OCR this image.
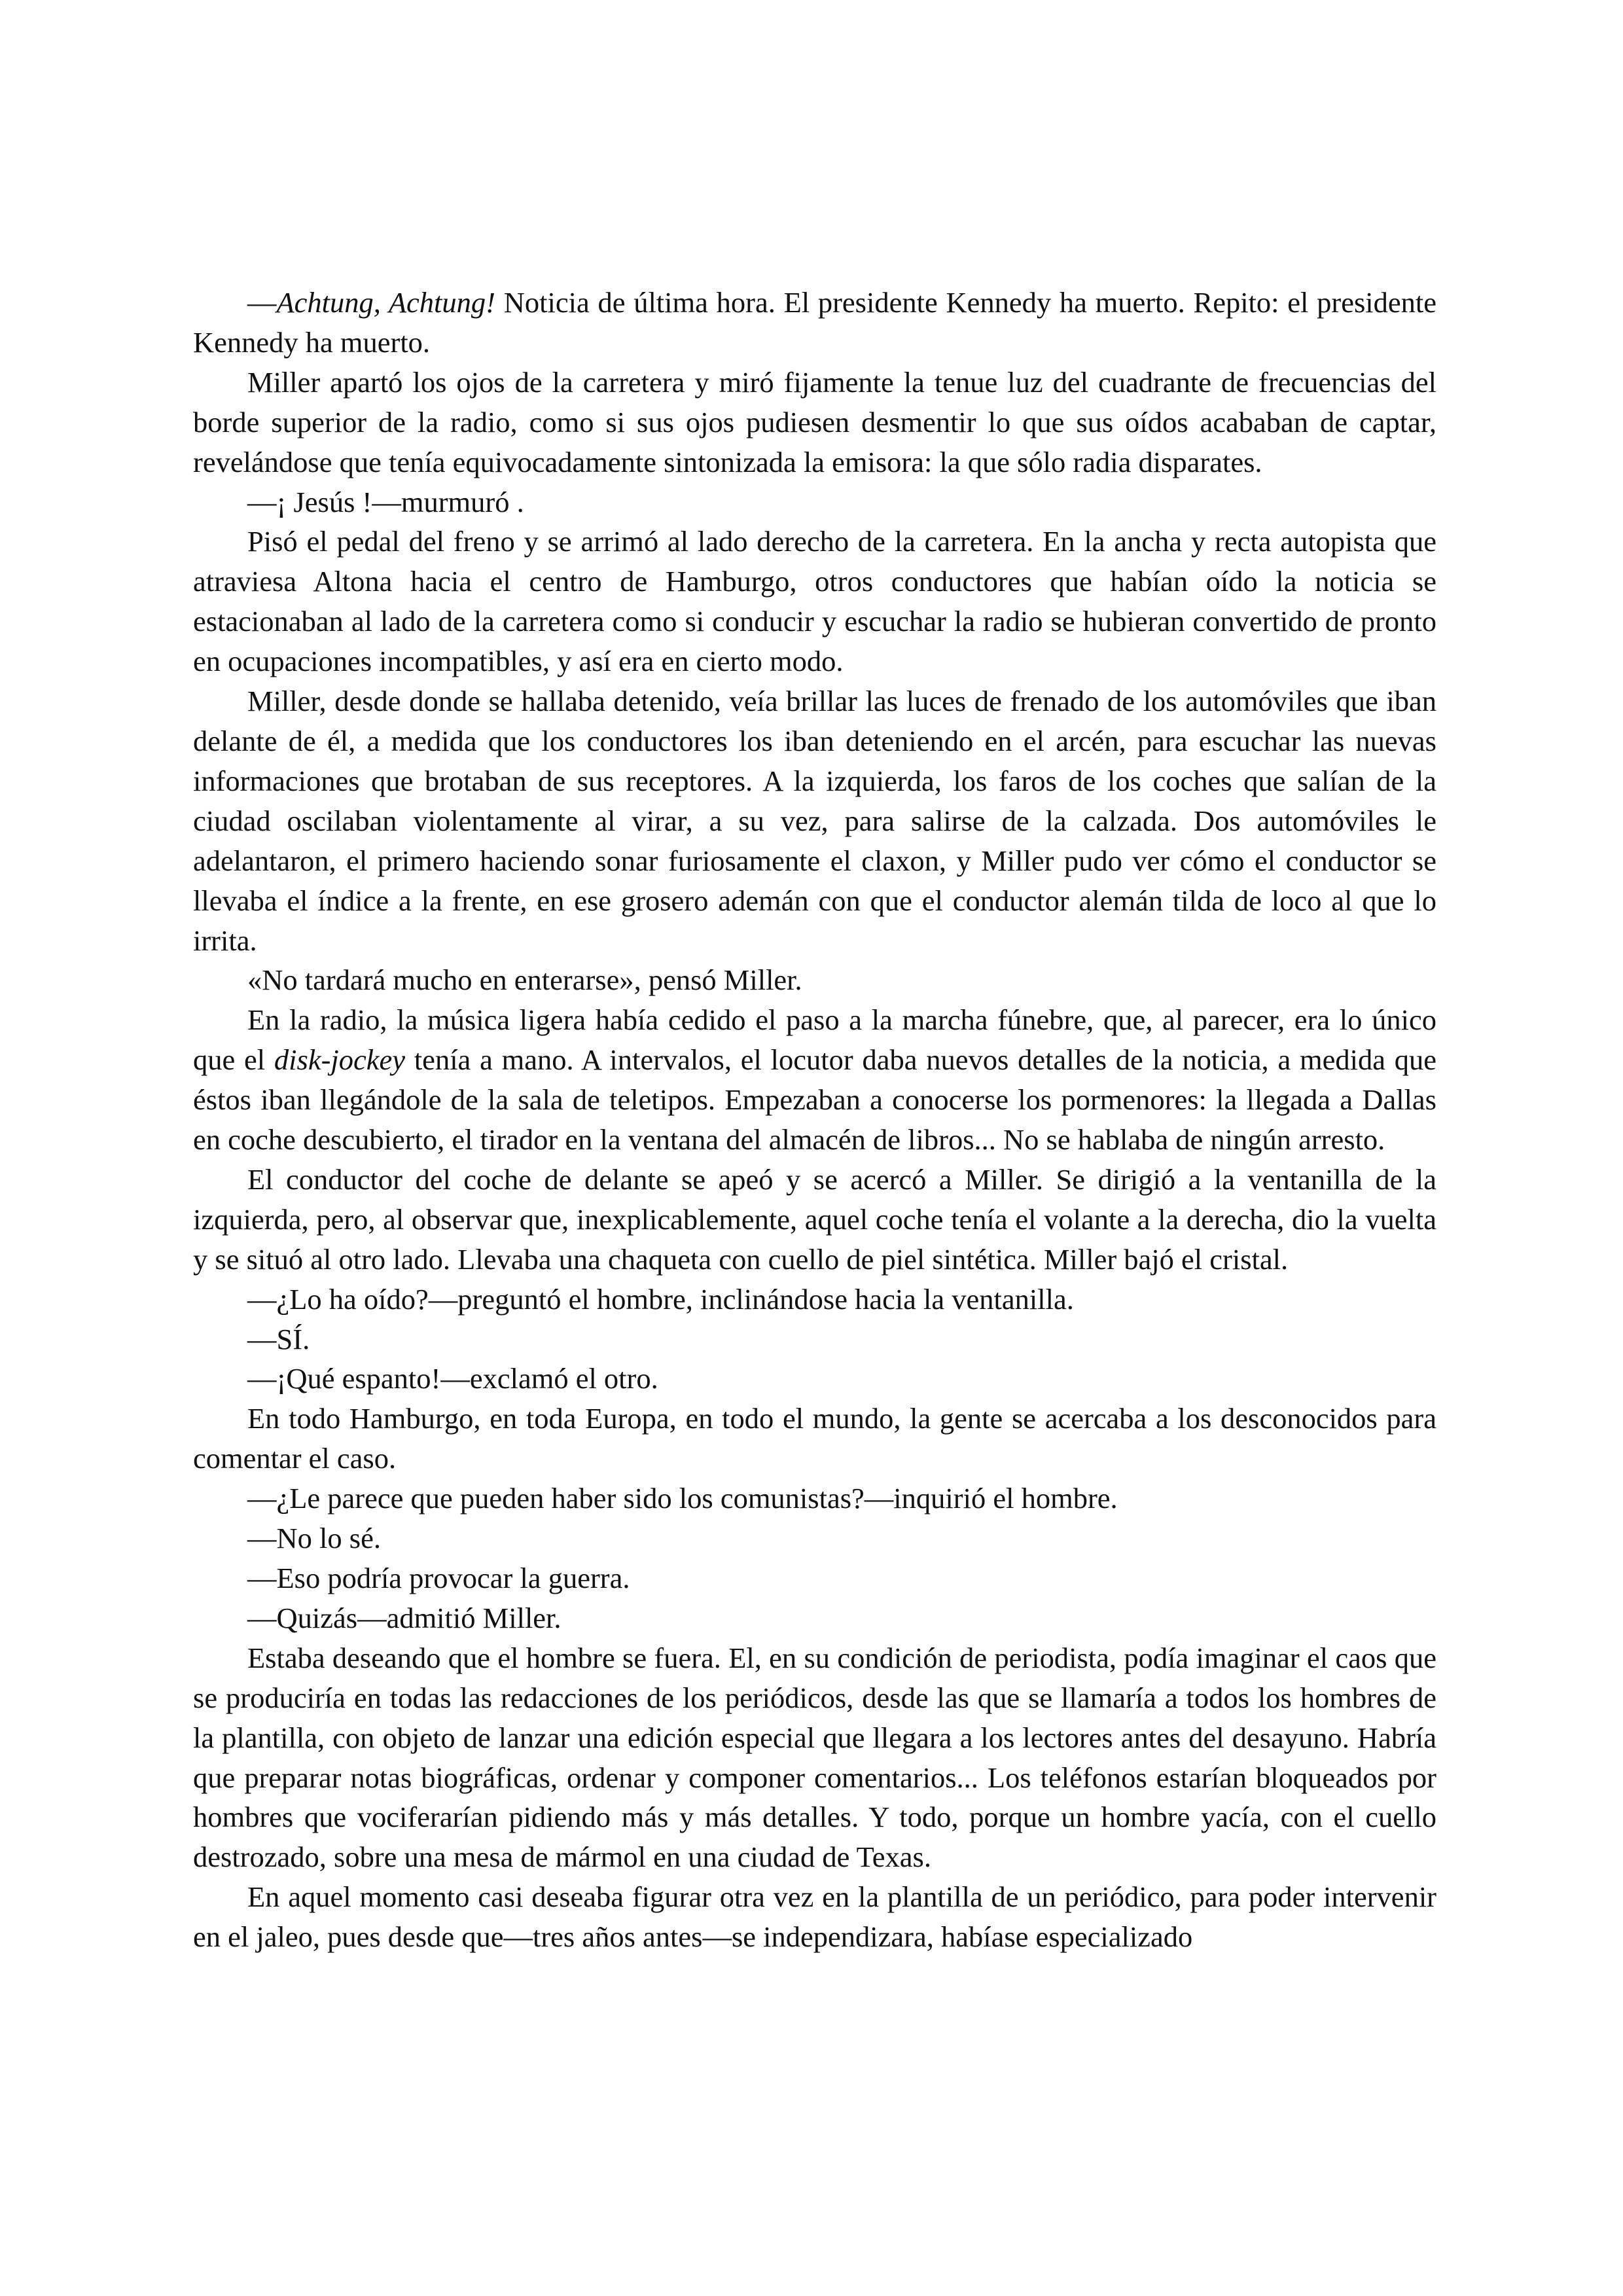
—Achtung, Achtung! Noticia de última hora. El presidente Kennedy ha muerto. Repito: el presidente Kennedy ha muerto.

Miller apartó los ojos de la carretera y miró fijamente la tenue luz del cuadrante de frecuencias del borde superior de la radio, como si sus ojos pudiesen desmentir lo que sus oídos acababan de captar, revelándose que tenía equivocadamente sintonizada la emisora: la que sólo radia disparates.

—¡ Jesús !—murmuró .

Pisó el pedal del freno y se arrimó al lado derecho de la carretera. En la ancha y recta autopista que atraviesa Altona hacia el centro de Hamburgo, otros conductores que habían oído la noticia se estacionaban al lado de la carretera como si conducir y escuchar la radio se hubieran convertido de pronto en ocupaciones incompatibles, y así era en cierto modo.

Miller, desde donde se hallaba detenido, veía brillar las luces de frenado de los automóviles que iban delante de él, a medida que los conductores los iban deteniendo en el arcén, para escuchar las nuevas informaciones que brotaban de sus receptores. A la izquierda, los faros de los coches que salían de la ciudad oscilaban violentamente al virar, a su vez, para salirse de la calzada. Dos automóviles le adelantaron, el primero haciendo sonar furiosamente el claxon, y Miller pudo ver cómo el conductor se llevaba el índice a la frente, en ese grosero ademán con que el conductor alemán tilda de loco al que lo irrita.

«No tardará mucho en enterarse», pensó Miller.

En la radio, la música ligera había cedido el paso a la marcha fúnebre, que, al parecer, era lo único que el disk-jockey tenía a mano. A intervalos, el locutor daba nuevos detalles de la noticia, a medida que éstos iban llegándole de la sala de teletipos. Empezaban a conocerse los pormenores: la llegada a Dallas en coche descubierto, el tirador en la ventana del almacén de libros... No se hablaba de ningún arresto.

El conductor del coche de delante se apeó y se acercó a Miller. Se dirigió a la ventanilla de la izquierda, pero, al observar que, inexplicablemente, aquel coche tenía el volante a la derecha, dio la vuelta y se situó al otro lado. Llevaba una chaqueta con cuello de piel sintética. Miller bajó el cristal.

—¿Lo ha oído?—preguntó el hombre, inclinándose hacia la ventanilla.

—SÍ.

—¡Qué espanto!—exclamó el otro.

En todo Hamburgo, en toda Europa, en todo el mundo, la gente se acercaba a los desconocidos para comentar el caso.

—¿Le parece que pueden haber sido los comunistas?—inquirió el hombre.

—No lo sé.

—Eso podría provocar la guerra.

—Quizás—admitió Miller.

Estaba deseando que el hombre se fuera. El, en su condición de periodista, podía imaginar el caos que se produciría en todas las redacciones de los periódicos, desde las que se llamaría a todos los hombres de la plantilla, con objeto de lanzar una edición especial que llegara a los lectores antes del desayuno. Habría que preparar notas biográficas, ordenar y componer comentarios... Los teléfonos estarían bloqueados por hombres que vociferarían pidiendo más y más detalles. Y todo, porque un hombre yacía, con el cuello destrozado, sobre una mesa de mármol en una ciudad de Texas.

En aquel momento casi deseaba figurar otra vez en la plantilla de un periódico, para poder intervenir en el jaleo, pues desde que—tres años antes—se independizara, habíase especializado
